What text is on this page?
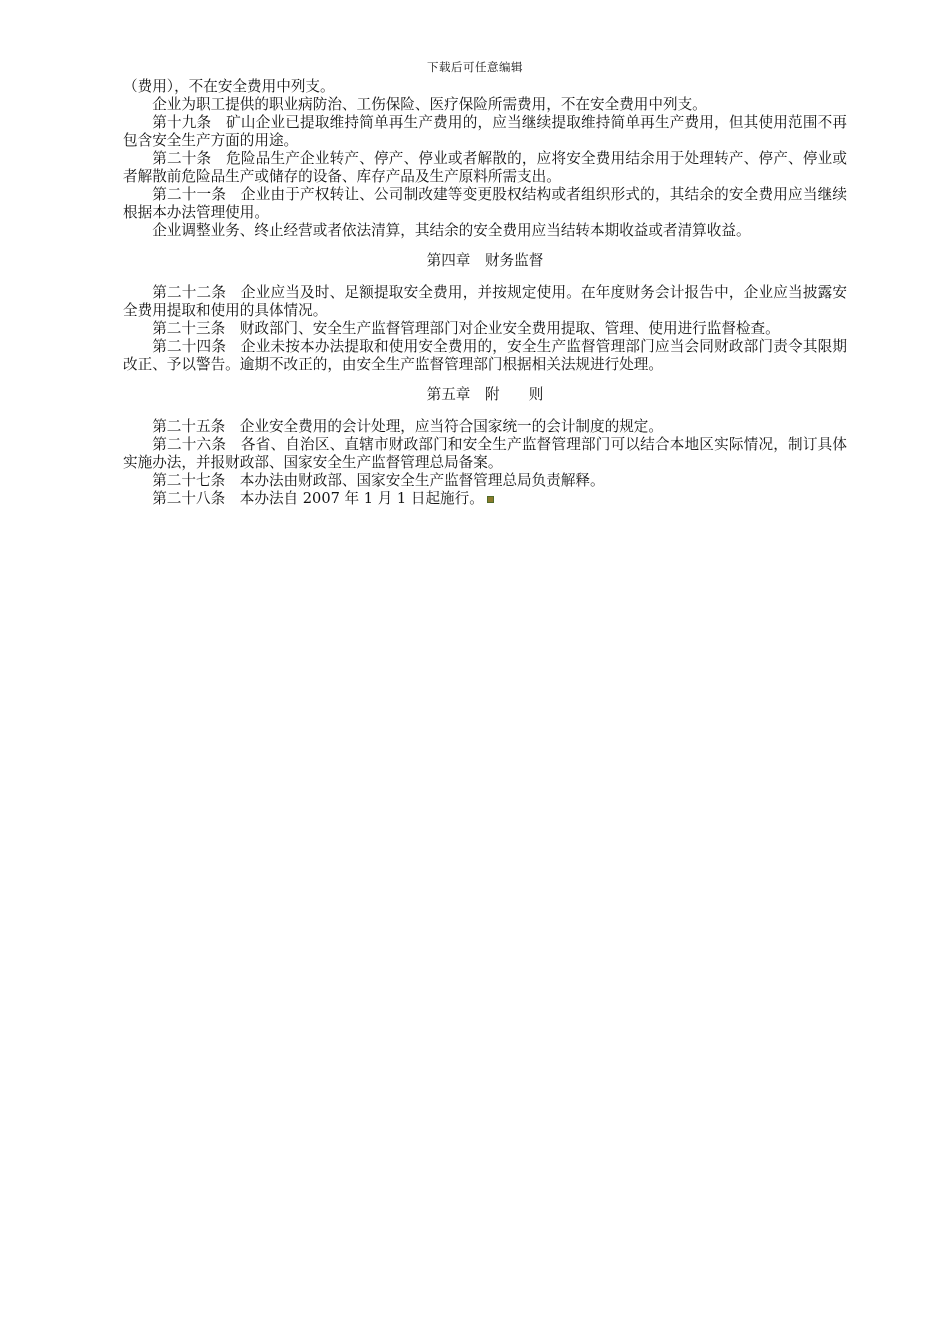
下载后可任意编辑

（费用），不在安全费用中列支。

企业为职工提供的职业病防治、工伤保险、医疗保险所需费用，不在安全费用中列支。

第十九条　矿山企业已提取维持简单再生产费用的，应当继续提取维持简单再生产费用，但其使用范围不再包含安全生产方面的用途。

第二十条　危险品生产企业转产、停产、停业或者解散的，应将安全费用结余用于处理转产、停产、停业或者解散前危险品生产或储存的设备、库存产品及生产原料所需支出。

第二十一条　企业由于产权转让、公司制改建等变更股权结构或者组织形式的，其结余的安全费用应当继续根据本办法管理使用。

企业调整业务、终止经营或者依法清算，其结余的安全费用应当结转本期收益或者清算收益。

第四章　财务监督

第二十二条　企业应当及时、足额提取安全费用，并按规定使用。在年度财务会计报告中，企业应当披露安全费用提取和使用的具体情况。

第二十三条　财政部门、安全生产监督管理部门对企业安全费用提取、管理、使用进行监督检查。

第二十四条　企业未按本办法提取和使用安全费用的，安全生产监督管理部门应当会同财政部门责令其限期改正、予以警告。逾期不改正的，由安全生产监督管理部门根据相关法规进行处理。

第五章　附　　则

第二十五条　企业安全费用的会计处理，应当符合国家统一的会计制度的规定。

第二十六条　各省、自治区、直辖市财政部门和安全生产监督管理部门可以结合本地区实际情况，制订具体实施办法，并报财政部、国家安全生产监督管理总局备案。

第二十七条　本办法由财政部、国家安全生产监督管理总局负责解释。

第二十八条　本办法自 2007 年 1 月 1 日起施行。
